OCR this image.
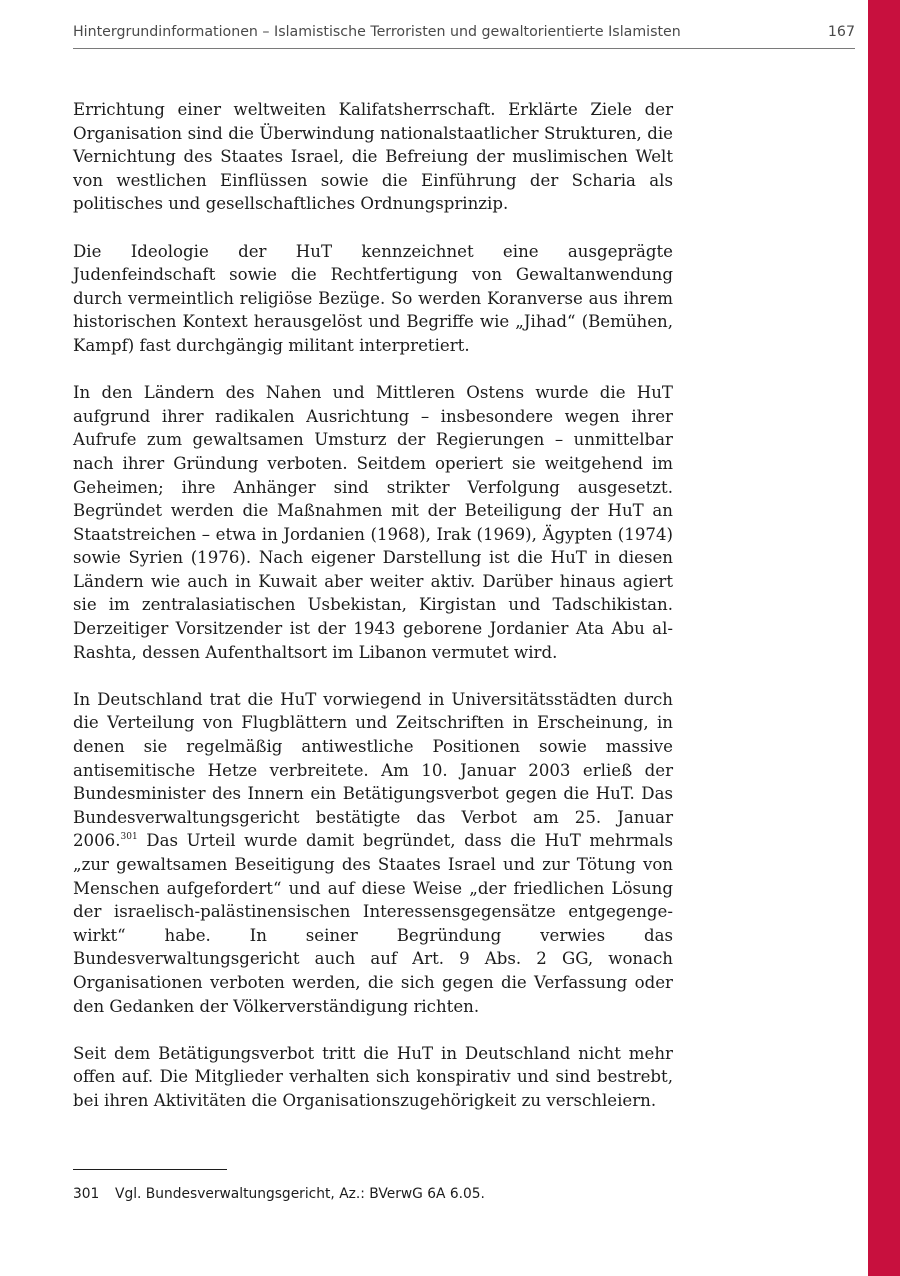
Hintergrundinformationen – Islamistische Terroristen und gewaltorientierte Islamisten	167

Errichtung einer weltweiten Kalifatsherrschaft. Erklärte Ziele der Organisation sind die Überwindung nationalstaatlicher Strukturen, die Vernichtung des Staates Israel, die Befreiung der muslimischen Welt von westlichen Einflüssen sowie die Einführung der Scharia als politisches und gesellschaftliches Ordnungsprinzip.

Die Ideologie der HuT kennzeichnet eine ausgeprägte Judenfeindschaft sowie die Rechtfertigung von Gewaltanwendung durch vermeintlich religiöse Bezüge. So werden Koranverse aus ihrem historischen Kontext herausgelöst und Begriffe wie „Jihad“ (Bemühen, Kampf) fast durchgängig militant interpretiert.

In den Ländern des Nahen und Mittleren Ostens wurde die HuT aufgrund ihrer radikalen Ausrichtung – insbesondere wegen ihrer Aufrufe zum gewaltsamen Umsturz der Regierungen – unmittelbar nach ihrer Gründung verboten. Seitdem operiert sie weitgehend im Geheimen; ihre Anhänger sind strikter Verfolgung ausgesetzt. Begründet werden die Maßnahmen mit der Beteiligung der HuT an Staatstreichen – etwa in Jordanien (1968), Irak (1969), Ägypten (1974) sowie Syrien (1976). Nach eigener Darstellung ist die HuT in diesen Ländern wie auch in Kuwait aber weiter aktiv. Darüber hinaus agiert sie im zentralasiatischen Usbekistan, Kirgistan und Tadschikistan. Derzeitiger Vorsitzender ist der 1943 geborene Jordanier Ata Abu al-Rashta, dessen Aufenthaltsort im Libanon vermutet wird.

In Deutschland trat die HuT vorwiegend in Universitätsstädten durch die Verteilung von Flugblättern und Zeitschriften in Erscheinung, in denen sie regelmäßig antiwestliche Positionen sowie massive antisemitische Hetze verbreitete. Am 10. Januar 2003 erließ der Bundesminister des Innern ein Betätigungsverbot gegen die HuT. Das Bundesverwaltungsgericht bestätigte das Verbot am 25. Januar 2006.$^{301}$ Das Urteil wurde damit begründet, dass die HuT mehrmals „zur gewaltsamen Beseitigung des Staates Israel und zur Tötung von Menschen aufgefordert“ und auf diese Weise „der friedlichen Lösung der israelisch-palästinensischen Interessensgegensätze entgegengewirkt“ habe. In seiner Begründung verwies das Bundesverwaltungsgericht auch auf Art. 9 Abs. 2 GG, wonach Organisationen verboten werden, die sich gegen die Verfassung oder den Gedanken der Völkerverständigung richten.

Seit dem Betätigungsverbot tritt die HuT in Deutschland nicht mehr offen auf. Die Mitglieder verhalten sich konspirativ und sind bestrebt, bei ihren Aktivitäten die Organisationszugehörigkeit zu verschleiern.

301 Vgl. Bundesverwaltungsgericht, Az.: BVerwG 6A 6.05.
